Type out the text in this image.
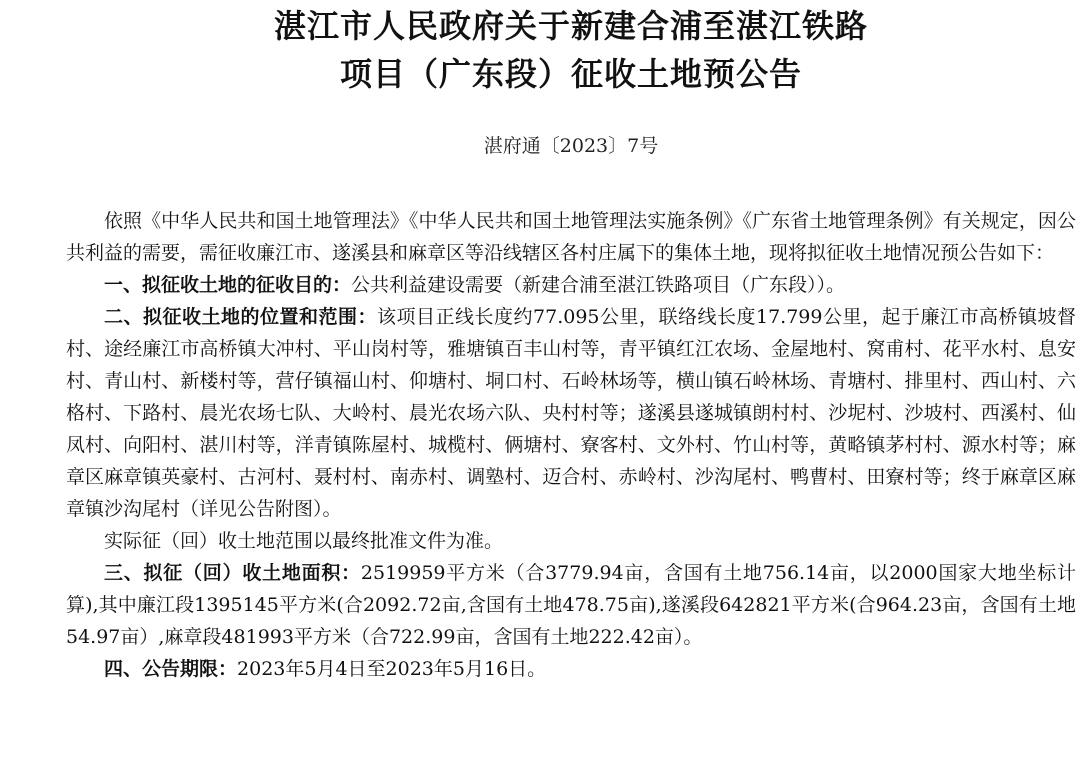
湛江市人民政府关于新建合浦至湛江铁路
项目（广东段）征收土地预公告

湛府通〔2023〕7号

依照《中华人民共和国土地管理法》《中华人民共和国土地管理法实施条例》《广东省土地管理条例》有关规定，因公共利益的需要，需征收廉江市、遂溪县和麻章区等沿线辖区各村庄属下的集体土地，现将拟征收土地情况预公告如下：

一、拟征收土地的征收目的：公共利益建设需要（新建合浦至湛江铁路项目（广东段））。

二、拟征收土地的位置和范围：该项目正线长度约77.095公里，联络线长度17.799公里，起于廉江市高桥镇坡督村、途经廉江市高桥镇大冲村、平山岗村等，雅塘镇百丰山村等，青平镇红江农场、金屋地村、窝甫村、花平水村、息安村、青山村、新楼村等，营仔镇福山村、仰塘村、垌口村、石岭林场等，横山镇石岭林场、青塘村、排里村、西山村、六格村、下路村、晨光农场七队、大岭村、晨光农场六队、央村村等；遂溪县遂城镇朗村村、沙坭村、沙坡村、西溪村、仙凤村、向阳村、湛川村等，洋青镇陈屋村、城榄村、俩塘村、寮客村、文外村、竹山村等，黄略镇茅村村、源水村等；麻章区麻章镇英豪村、古河村、聂村村、南赤村、调塾村、迈合村、赤岭村、沙沟尾村、鸭曹村、田寮村等；终于麻章区麻章镇沙沟尾村（详见公告附图）。

实际征（回）收土地范围以最终批准文件为准。

三、拟征（回）收土地面积：2519959平方米（合3779.94亩，含国有土地756.14亩，以2000国家大地坐标计算),其中廉江段1395145平方米(合2092.72亩,含国有土地478.75亩),遂溪段642821平方米(合964.23亩，含国有土地54.97亩）,麻章段481993平方米（合722.99亩，含国有土地222.42亩）。

四、公告期限：2023年5月4日至2023年5月16日。
